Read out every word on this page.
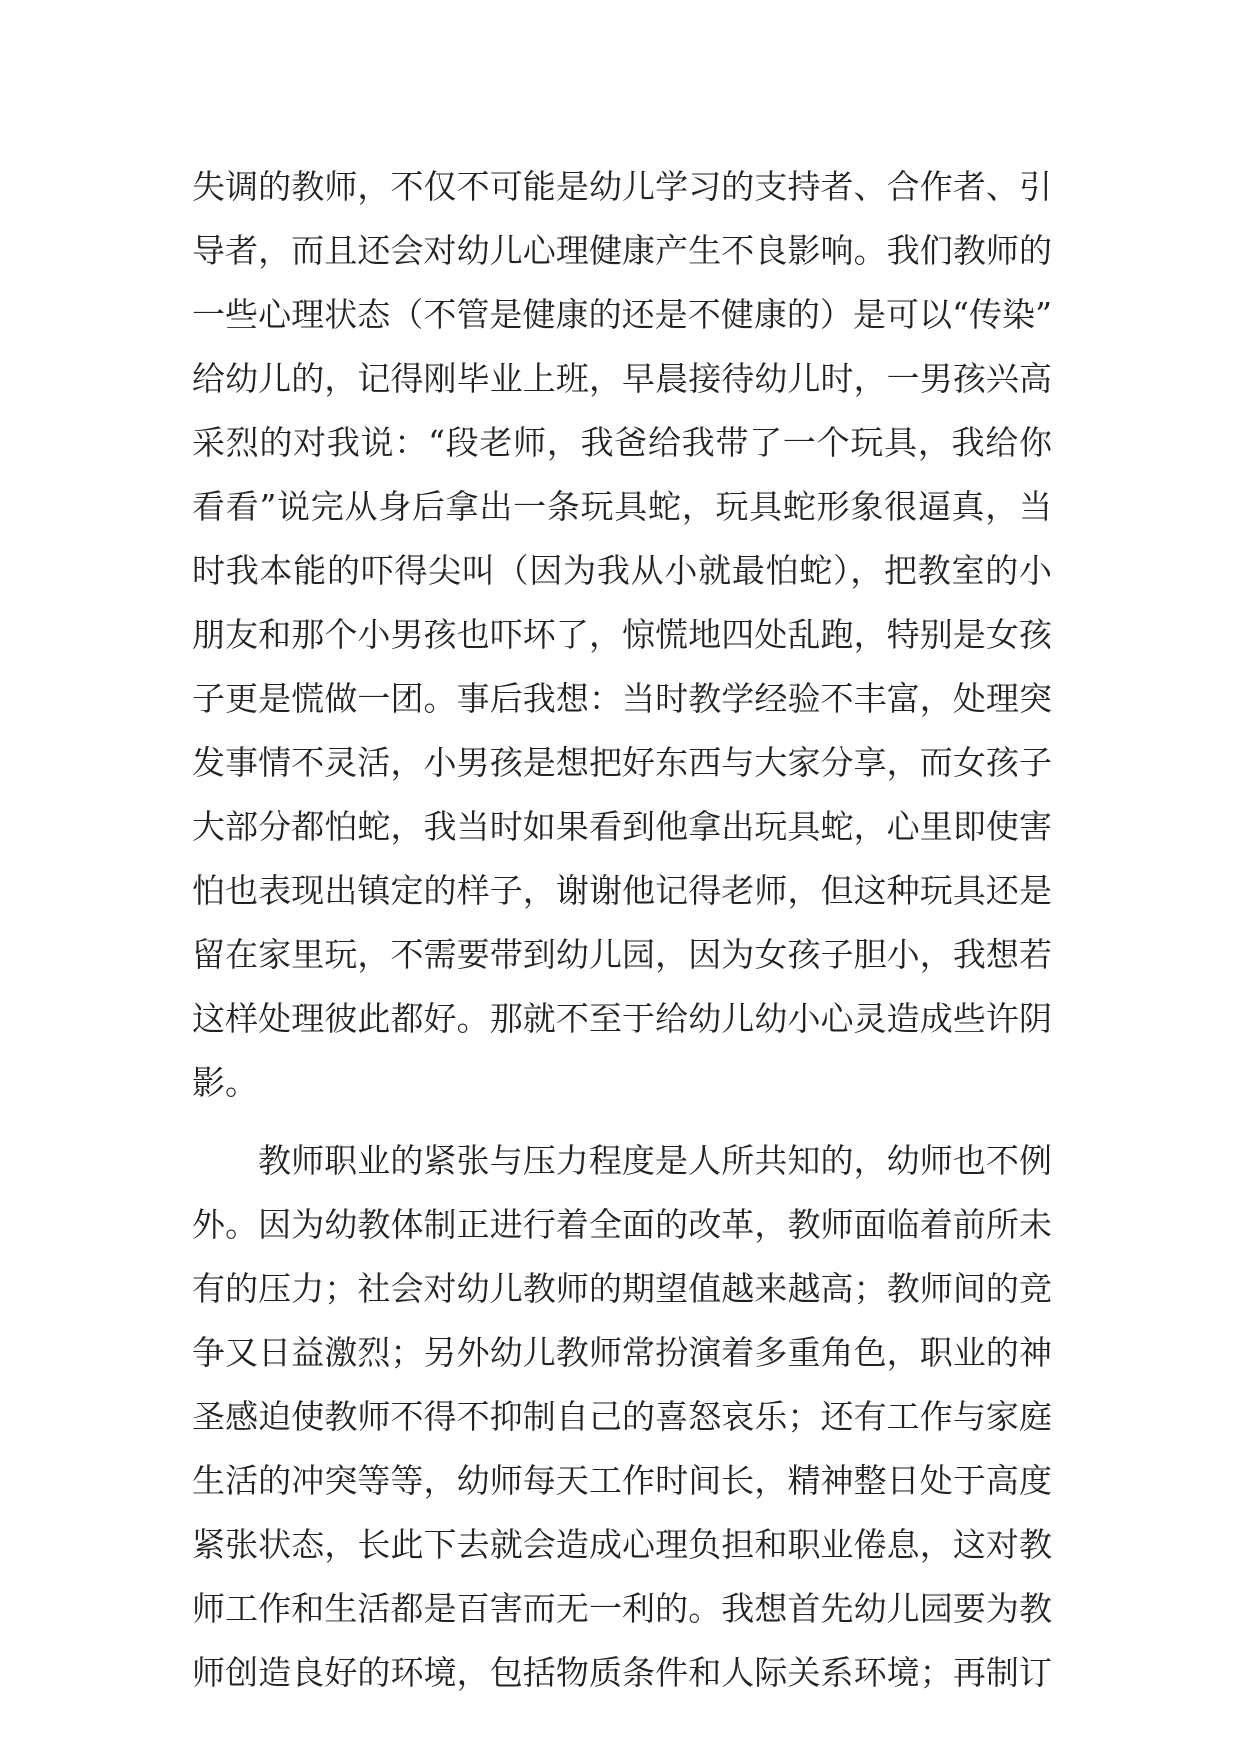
失调的教师，不仅不可能是幼儿学习的支持者、合作者、引
导者，而且还会对幼儿心理健康产生不良影响。我们教师的
一些心理状态（不管是健康的还是不健康的）是可以“传染”
给幼儿的，记得刚毕业上班，早晨接待幼儿时，一男孩兴高
采烈的对我说：“段老师，我爸给我带了一个玩具，我给你
看看”说完从身后拿出一条玩具蛇，玩具蛇形象很逼真，当
时我本能的吓得尖叫（因为我从小就最怕蛇），把教室的小
朋友和那个小男孩也吓坏了，惊慌地四处乱跑，特别是女孩
子更是慌做一团。事后我想：当时教学经验不丰富，处理突
发事情不灵活，小男孩是想把好东西与大家分享，而女孩子
大部分都怕蛇，我当时如果看到他拿出玩具蛇，心里即使害
怕也表现出镇定的样子，谢谢他记得老师，但这种玩具还是
留在家里玩，不需要带到幼儿园，因为女孩子胆小，我想若
这样处理彼此都好。那就不至于给幼儿幼小心灵造成些许阴
影。
教师职业的紧张与压力程度是人所共知的，幼师也不例
外。因为幼教体制正进行着全面的改革，教师面临着前所未
有的压力；社会对幼儿教师的期望值越来越高；教师间的竞
争又日益激烈；另外幼儿教师常扮演着多重角色，职业的神
圣感迫使教师不得不抑制自己的喜怒哀乐；还有工作与家庭
生活的冲突等等，幼师每天工作时间长，精神整日处于高度
紧张状态，长此下去就会造成心理负担和职业倦息，这对教
师工作和生活都是百害而无一利的。我想首先幼儿园要为教
师创造良好的环境，包括物质条件和人际关系环境；再制订
